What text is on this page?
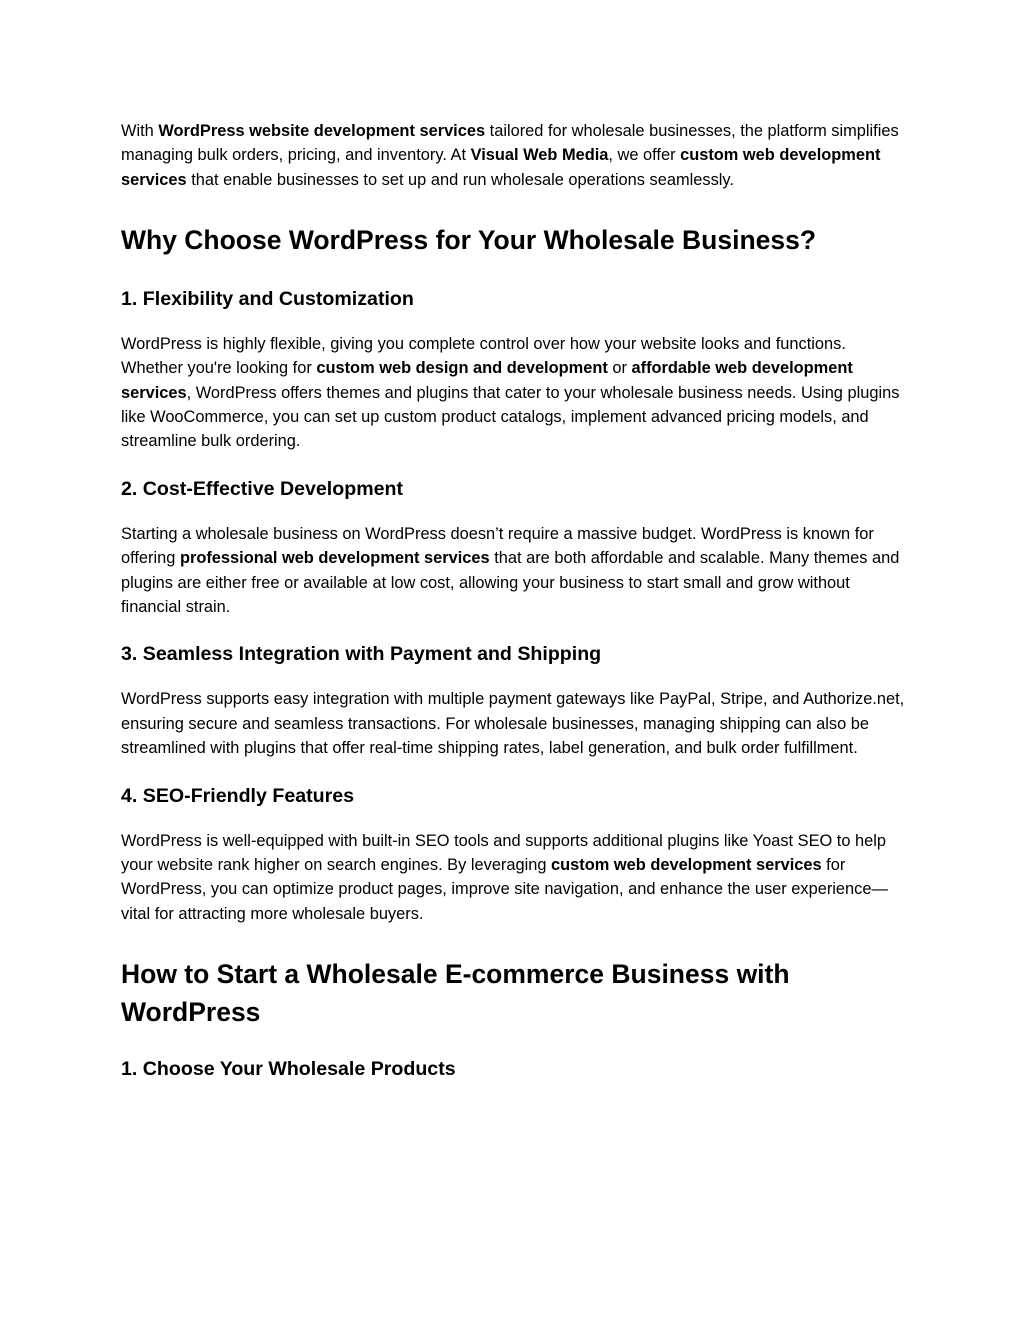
With WordPress website development services tailored for wholesale businesses, the platform simplifies managing bulk orders, pricing, and inventory. At Visual Web Media, we offer custom web development services that enable businesses to set up and run wholesale operations seamlessly.

Why Choose WordPress for Your Wholesale Business?
1. Flexibility and Customization

WordPress is highly flexible, giving you complete control over how your website looks and functions. Whether you're looking for custom web design and development or affordable web development services, WordPress offers themes and plugins that cater to your wholesale business needs. Using plugins like WooCommerce, you can set up custom product catalogs, implement advanced pricing models, and streamline bulk ordering.

2. Cost-Effective Development

Starting a wholesale business on WordPress doesn’t require a massive budget. WordPress is known for offering professional web development services that are both affordable and scalable. Many themes and plugins are either free or available at low cost, allowing your business to start small and grow without financial strain.

3. Seamless Integration with Payment and Shipping

WordPress supports easy integration with multiple payment gateways like PayPal, Stripe, and Authorize.net, ensuring secure and seamless transactions. For wholesale businesses, managing shipping can also be streamlined with plugins that offer real-time shipping rates, label generation, and bulk order fulfillment.

4. SEO-Friendly Features

WordPress is well-equipped with built-in SEO tools and supports additional plugins like Yoast SEO to help your website rank higher on search engines. By leveraging custom web development services for WordPress, you can optimize product pages, improve site navigation, and enhance the user experience—vital for attracting more wholesale buyers.

How to Start a Wholesale E-commerce Business with WordPress
1. Choose Your Wholesale Products
